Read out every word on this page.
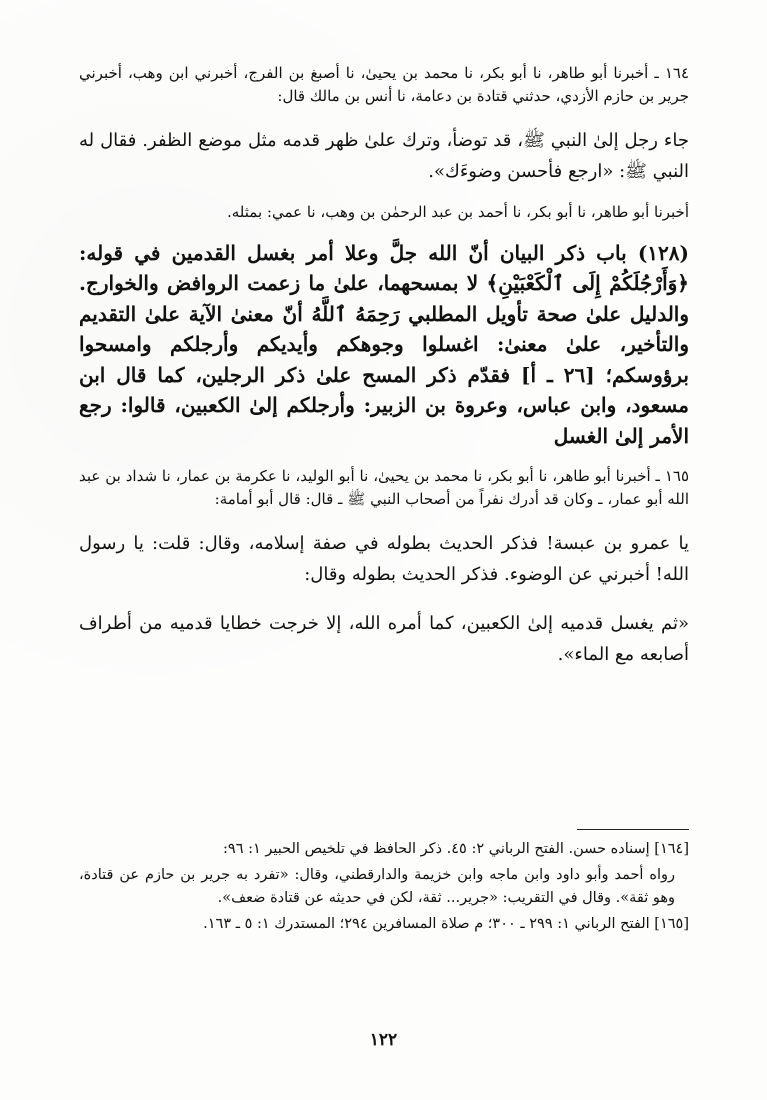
١٦٤ ـ أخبرنا أبو طاهر، نا أبو بكر، نا محمد بن يحيىٰ، نا أصبغ بن الفرج، أخبرني ابن وهب، أخبرني جرير بن حازم الأزدي، حدثني قتادة بن دعامة، نا أنس بن مالك قال:

جاء رجل إلىٰ النبي ﷺ، قد توضأ، وترك علىٰ ظهر قدمه مثل موضع الظفر. فقال له النبي ﷺ: «ارجع فأحسن وضوءَك».

أخبرنا أبو طاهر، نا أبو بكر، نا أحمد بن عبد الرحمٰن بن وهب، نا عمي: بمثله.

(١٢٨) باب ذكر البيان أنّ الله جلَّ وعلا أمر بغسل القدمين في قوله: ﴿وَأَرْجُلَكُمْ إِلَى ٱلْكَعْبَيْنِ﴾ لا بمسحهما، علىٰ ما زعمت الروافض والخوارج. والدليل علىٰ صحة تأويل المطلبي رَحِمَهُ ٱللَّهُ أنّ معنىٰ الآية علىٰ التقديم والتأخير، علىٰ معنىٰ: اغسلوا وجوهكم وأيديكم وأرجلكم وامسحوا برؤوسكم؛ [٢٦ ـ أ] فقدّم ذكر المسح علىٰ ذكر الرجلين، كما قال ابن مسعود، وابن عباس، وعروة بن الزبير: وأرجلكم إلىٰ الكعبين، قالوا: رجع الأمر إلىٰ الغسل

١٦٥ ـ أخبرنا أبو طاهر، نا أبو بكر، نا محمد بن يحيىٰ، نا أبو الوليد، نا عكرمة بن عمار، نا شداد بن عبد الله أبو عمار، ـ وكان قد أدرك نفراً من أصحاب النبي ﷺ ـ قال: قال أبو أمامة:

يا عمرو بن عبسة! فذكر الحديث بطوله في صفة إسلامه، وقال: قلت: يا رسول الله! أخبرني عن الوضوء. فذكر الحديث بطوله وقال:

«ثم يغسل قدميه إلىٰ الكعبين، كما أمره الله، إلا خرجت خطايا قدميه من أطراف أصابعه مع الماء».

[١٦٤] إسناده حسن. الفتح الرباني ٢: ٤٥. ذكر الحافظ في تلخيص الحبير ١: ٩٦:

رواه أحمد وأبو داود وابن ماجه وابن خزيمة والدارقطني، وقال: «تفرد به جرير بن حازم عن قتادة، وهو ثقة». وقال في التقريب: «جرير... ثقة، لكن في حديثه عن قتادة ضعف».

[١٦٥] الفتح الرباني ١: ٢٩٩ ـ ٣٠٠؛ م صلاة المسافرين ٢٩٤؛ المستدرك ١: ٥ ـ ١٦٣.

١٢٢
